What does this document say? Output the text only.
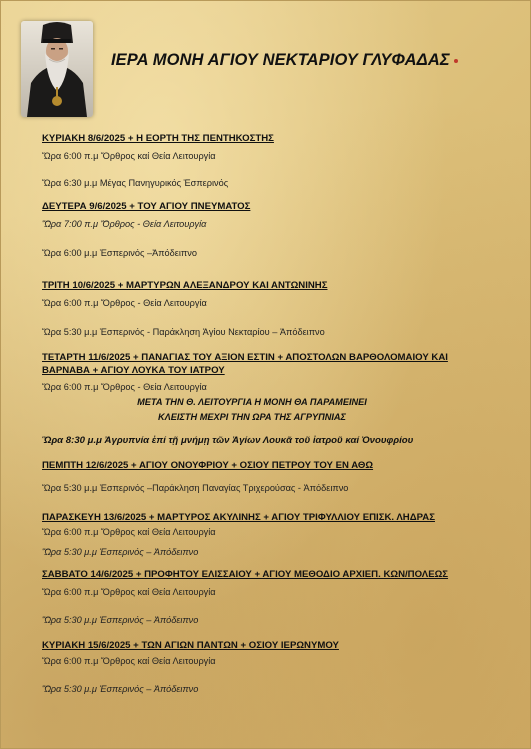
ΙΕΡΑ ΜΟΝΗ ΑΓΙΟΥ ΝΕΚΤΑΡΙΟΥ ΓΛΥΦΑΔΑΣ
ΚΥΡΙΑΚΗ 8/6/2025 + Η ΕΟΡΤΗ ΤΗΣ ΠΕΝΤΗΚΟΣΤΗΣ
Ὥρα 6:00 π.μ Ὄρθρος καί Θεία Λειτουργία
Ὥρα 6:30 μ.μ Μέγας Πανηγυρικός Ἑσπερινός
ΔΕΥΤΕΡΑ 9/6/2025 + ΤΟΥ ΑΓΙΟΥ ΠΝΕΥΜΑΤΟΣ
Ὥρα 7:00 π.μ Ὄρθρος - Θεία Λειτουργία
Ὥρα 6:00 μ.μ Ἑσπερινός –Ἀπόδειπνο
ΤΡΙΤΗ 10/6/2025 + ΜΑΡΤΥΡΩΝ ΑΛΕΞΑΝΔΡΟΥ ΚΑΙ ΑΝΤΩΝΙΝΗΣ
Ὥρα 6:00 π.μ Ὄρθρος - Θεία Λειτουργία
Ὥρα 5:30 μ.μ Ἑσπερινός - Παράκληση Ἁγίου Νεκταρίου – Ἀπόδειπνο
ΤΕΤΑΡΤΗ 11/6/2025 + ΠΑΝΑΓΙΑΣ ΤΟΥ ΑΞΙΟΝ ΕΣΤΙΝ + ΑΠΟΣΤΟΛΩΝ ΒΑΡΘΟΛΟΜΑΙΟΥ ΚΑΙ ΒΑΡΝΑΒΑ + ΑΓΙΟΥ ΛΟΥΚΑ ΤΟΥ ΙΑΤΡΟΥ
Ὥρα 6:00 π.μ Ὄρθρος - Θεία Λειτουργία
ΜΕΤΑ ΤΗΝ Θ. ΛΕΙΤΟΥΡΓΙΑ Η ΜΟΝΗ ΘΑ ΠΑΡΑΜΕΙΝΕΙ
ΚΛΕΙΣΤΗ ΜΕΧΡΙ ΤΗΝ ΩΡΑ ΤΗΣ ΑΓΡΥΠΝΙΑΣ
Ὥρα 8:30 μ.μ Ἀγρυπνία ἐπί τῇ μνήμῃ τῶν Ἁγίων Λουκᾶ τοῦ ἰατροῦ καί Ὀνουφρίου
ΠΕΜΠΤΗ 12/6/2025 + ΑΓΙΟΥ ΟΝΟΥΦΡΙΟΥ + ΟΣΙΟΥ ΠΕΤΡΟΥ ΤΟΥ ΕΝ ΑΘΩ
Ὥρα 5:30 μ.μ Ἑσπερινός –Παράκληση Παναγίας Τριχερούσας - Ἀπόδειπνο
ΠΑΡΑΣΚΕΥΗ 13/6/2025 + ΜΑΡΤΥΡΟΣ ΑΚΥΛΙΝΗΣ + ΑΓΙΟΥ ΤΡΙΦΥΛΛΙΟΥ ΕΠΙΣΚ. ΛΗΔΡΑΣ
Ὥρα 6:00 π.μ Ὄρθρος καί Θεία Λειτουργία
Ὥρα 5:30 μ.μ Ἑσπερινός – Ἀπόδειπνο
ΣΑΒΒΑΤΟ 14/6/2025 + ΠΡΟΦΗΤΟΥ ΕΛΙΣΣΑΙΟΥ + ΑΓΙΟΥ ΜΕΘΟΔΙΟ ΑΡΧΙΕΠ. ΚΩΝ/ΠΟΛΕΩΣ
Ὥρα 6:00 π.μ Ὄρθρος καί Θεία Λειτουργία
Ὥρα 5:30 μ.μ Ἑσπερινός – Ἀπόδειπνο
ΚΥΡΙΑΚΗ 15/6/2025 + ΤΩΝ ΑΓΙΩΝ ΠΑΝΤΩΝ + ΟΣΙΟΥ ΙΕΡΩΝΥΜΟΥ
Ὥρα 6:00 π.μ Ὄρθρος καί Θεία Λειτουργία
Ὥρα 5:30 μ.μ Ἑσπερινός – Ἀπόδειπνο
